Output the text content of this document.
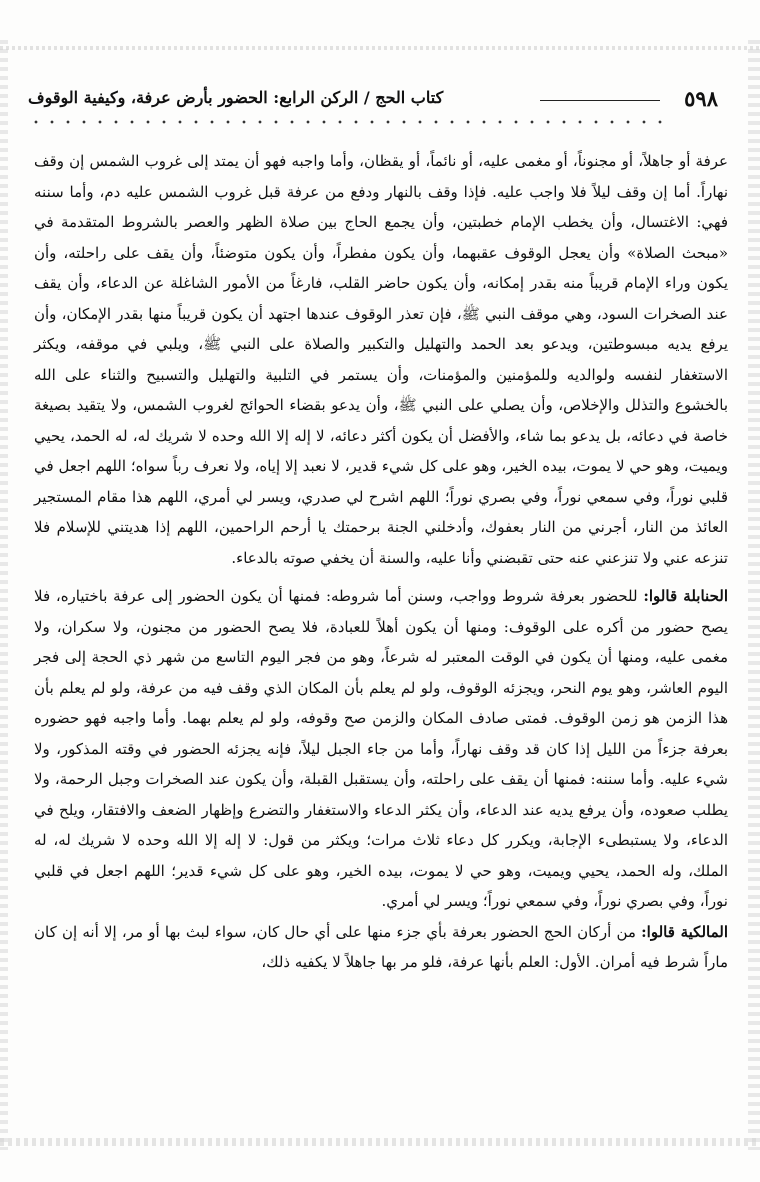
٥٩٨
كتاب الحج / الركن الرابع: الحضور بأرض عرفة، وكيفية الوقوف

عرفة أو جاهلاً، أو مجنوناً، أو مغمى عليه، أو نائماً، أو يقظان، وأما واجبه فهو أن يمتد إلى غروب الشمس إن وقف نهاراً. أما إن وقف ليلاً فلا واجب عليه. فإذا وقف بالنهار ودفع من عرفة قبل غروب الشمس عليه دم، وأما سننه فهي: الاغتسال، وأن يخطب الإمام خطبتين، وأن يجمع الحاج بين صلاة الظهر والعصر بالشروط المتقدمة في «مبحث الصلاة» وأن يعجل الوقوف عقبهما، وأن يكون مفطراً، وأن يكون متوضئاً، وأن يقف على راحلته، وأن يكون وراء الإمام قريباً منه بقدر إمكانه، وأن يكون حاضر القلب، فارغاً من الأمور الشاغلة عن الدعاء، وأن يقف عند الصخرات السود، وهي موقف النبي ﷺ، فإن تعذر الوقوف عندها اجتهد أن يكون قريباً منها بقدر الإمكان، وأن يرفع يديه مبسوطتين، ويدعو بعد الحمد والتهليل والتكبير والصلاة على النبي ﷺ، ويلبي في موقفه، ويكثر الاستغفار لنفسه ولوالديه وللمؤمنين والمؤمنات، وأن يستمر في التلبية والتهليل والتسبيح والثناء على الله بالخشوع والتذلل والإخلاص، وأن يصلي على النبي ﷺ، وأن يدعو بقضاء الحوائج لغروب الشمس، ولا يتقيد بصيغة خاصة في دعائه، بل يدعو بما شاء، والأفضل أن يكون أكثر دعائه، لا إله إلا الله وحده لا شريك له، له الحمد، يحيي ويميت، وهو حي لا يموت، بيده الخير، وهو على كل شيء قدير، لا نعبد إلا إياه، ولا نعرف رباً سواه؛ اللهم اجعل في قلبي نوراً، وفي سمعي نوراً، وفي بصري نوراً؛ اللهم اشرح لي صدري، ويسر لي أمري، اللهم هذا مقام المستجير العائذ من النار، أجرني من النار بعفوك، وأدخلني الجنة برحمتك يا أرحم الراحمين، اللهم إذا هديتني للإسلام فلا تنزعه عني ولا تنزعني عنه حتى تقبضني وأنا عليه، والسنة أن يخفي صوته بالدعاء.

الحنابلة قالوا: للحضور بعرفة شروط وواجب، وسنن أما شروطه: فمنها أن يكون الحضور إلى عرفة باختياره، فلا يصح حضور من أكره على الوقوف: ومنها أن يكون أهلاً للعبادة، فلا يصح الحضور من مجنون، ولا سكران، ولا مغمى عليه، ومنها أن يكون في الوقت المعتبر له شرعاً، وهو من فجر اليوم التاسع من شهر ذي الحجة إلى فجر اليوم العاشر، وهو يوم النحر، ويجزئه الوقوف، ولو لم يعلم بأن المكان الذي وقف فيه من عرفة، ولو لم يعلم بأن هذا الزمن هو زمن الوقوف. فمتى صادف المكان والزمن صح وقوفه، ولو لم يعلم بهما. وأما واجبه فهو حضوره بعرفة جزءاً من الليل إذا كان قد وقف نهاراً، وأما من جاء الجبل ليلاً، فإنه يجزئه الحضور في وقته المذكور، ولا شيء عليه. وأما سننه: فمنها أن يقف على راحلته، وأن يستقبل القبلة، وأن يكون عند الصخرات وجبل الرحمة، ولا يطلب صعوده، وأن يرفع يديه عند الدعاء، وأن يكثر الدعاء والاستغفار والتضرع وإظهار الضعف والافتقار، ويلح في الدعاء، ولا يستبطىء الإجابة، ويكرر كل دعاء ثلاث مرات؛ ويكثر من قول: لا إله إلا الله وحده لا شريك له، له الملك، وله الحمد، يحيي ويميت، وهو حي لا يموت، بيده الخير، وهو على كل شيء قدير؛ اللهم اجعل في قلبي نوراً، وفي بصري نوراً، وفي سمعي نوراً؛ ويسر لي أمري.

المالكية قالوا: من أركان الحج الحضور بعرفة بأي جزء منها على أي حال كان، سواء لبث بها أو مر، إلا أنه إن كان ماراً شرط فيه أمران. الأول: العلم بأنها عرفة، فلو مر بها جاهلاً لا يكفيه ذلك،
